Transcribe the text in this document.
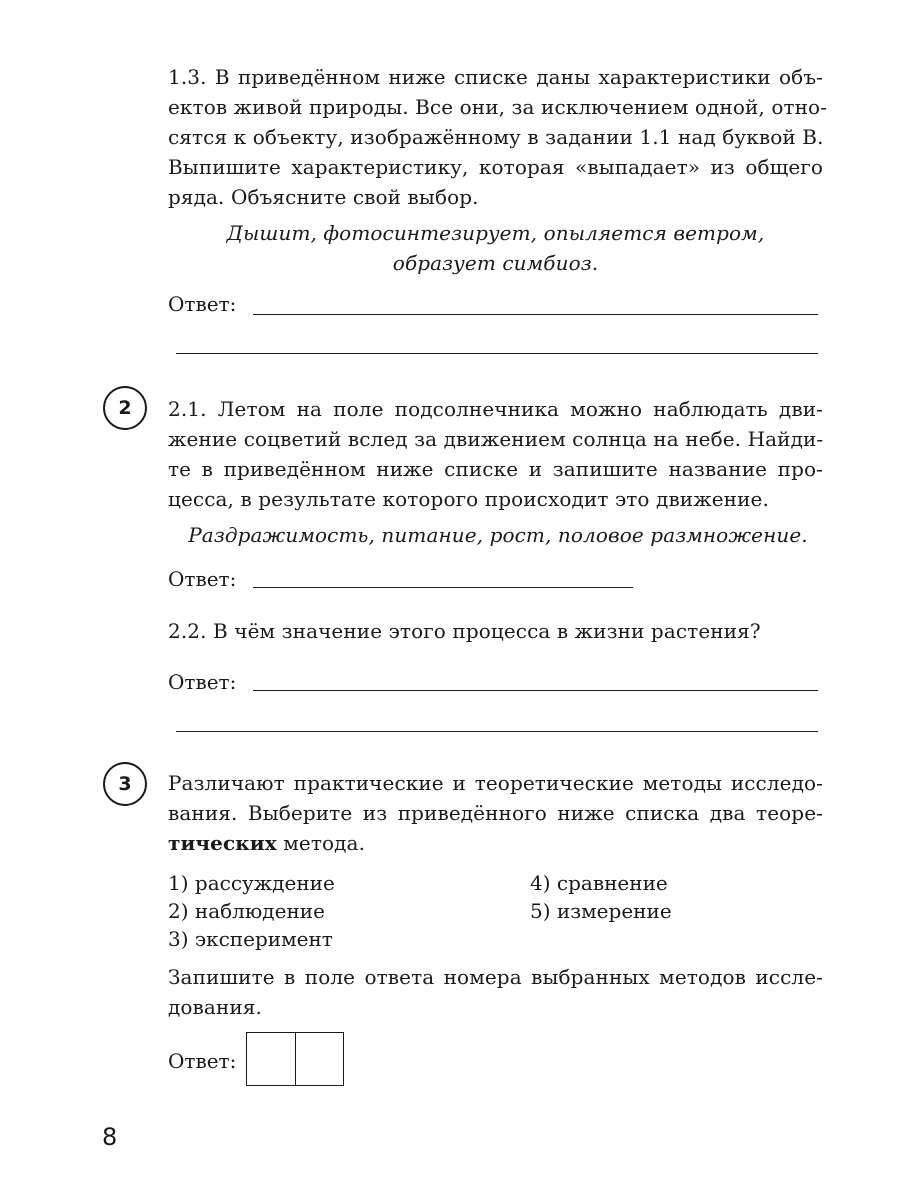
1.3. В приведённом ниже списке даны характеристики объ-
ектов живой природы. Все они, за исключением одной, отно-
сятся к объекту, изображённому в задании 1.1 над буквой В.
Выпишите характеристику, которая «выпадает» из общего
ряда. Объясните свой выбор.
Дышит, фотосинтезирует, опыляется ветром,
образует симбиоз.
Ответ:
2	2.1. Летом на поле подсолнечника можно наблюдать дви-
жение соцветий вслед за движением солнца на небе. Найди-
те в приведённом ниже списке и запишите название про-
цесса, в результате которого происходит это движение.
Раздражимость, питание, рост, половое размножение.
Ответ:
2.2. В чём значение этого процесса в жизни растения?
Ответ:
3	Различают практические и теоретические методы исследо-
вания. Выберите из приведённого ниже списка два теоре-
тических метода.
1) рассуждение
2) наблюдение
3) эксперимент
4) сравнение
5) измерение
Запишите в поле ответа номера выбранных методов иссле-
дования.
Ответ:
8
